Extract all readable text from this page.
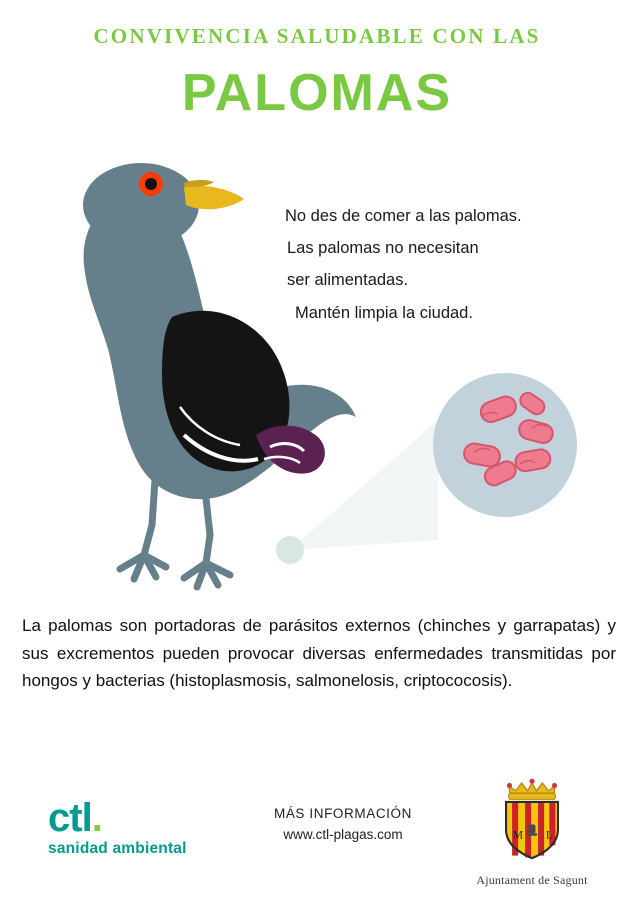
CONVIVENCIA SALUDABLE CON LAS
PALOMAS
No des de comer a las palomas.
Las palomas no necesitan
ser alimentadas.
Mantén limpia la ciudad.

La palomas son portadoras de parásitos externos (chinches y garrapatas) y sus excrementos pueden provocar diversas enfermedades transmitidas por hongos y bacterias (histoplasmosis, salmonelosis, criptococosis).

ctl.
sanidad ambiental
MÁS INFORMACIÓN
www.ctl-plagas.com	M L
Ajuntament de Sagunt
